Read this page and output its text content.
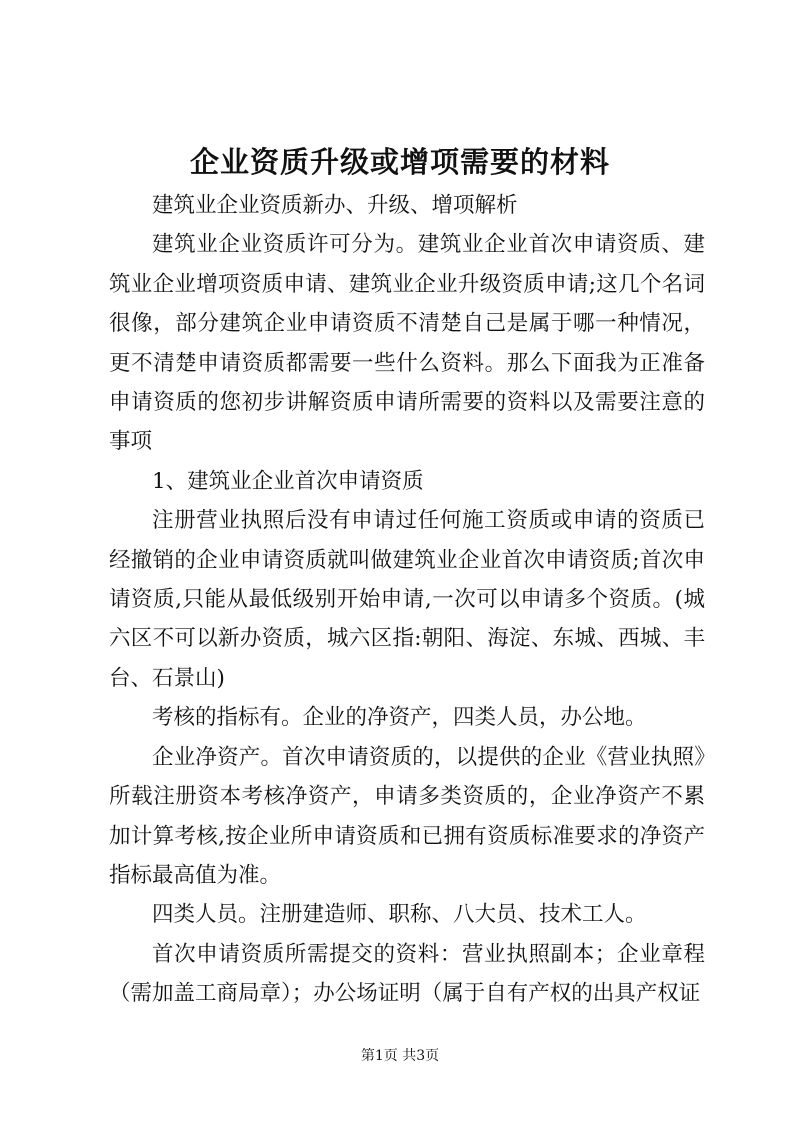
企业资质升级或增项需要的材料

建筑业企业资质新办、升级、增项解析

建筑业企业资质许可分为。建筑业企业首次申请资质、建筑业企业增项资质申请、建筑业企业升级资质申请;这几个名词很像，部分建筑企业申请资质不清楚自己是属于哪一种情况，更不清楚申请资质都需要一些什么资料。那么下面我为正准备申请资质的您初步讲解资质申请所需要的资料以及需要注意的事项

1、建筑业企业首次申请资质

注册营业执照后没有申请过任何施工资质或申请的资质已经撤销的企业申请资质就叫做建筑业企业首次申请资质;首次申请资质,只能从最低级别开始申请,一次可以申请多个资质。(城六区不可以新办资质，城六区指:朝阳、海淀、东城、西城、丰台、石景山)

考核的指标有。企业的净资产，四类人员，办公地。

企业净资产。首次申请资质的，以提供的企业《营业执照》所载注册资本考核净资产，申请多类资质的，企业净资产不累加计算考核,按企业所申请资质和已拥有资质标准要求的净资产指标最高值为准。

四类人员。注册建造师、职称、八大员、技术工人。

首次申请资质所需提交的资料：营业执照副本；企业章程（需加盖工商局章）；办公场证明（属于自有产权的出具产权证

第1页 共3页
